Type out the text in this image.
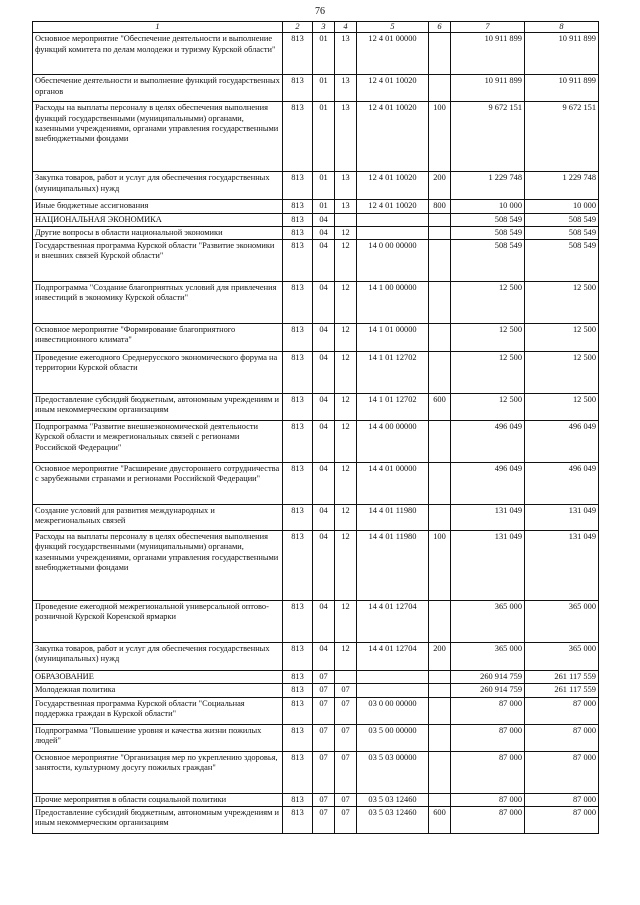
76
1	2	3	4	5	6	7	8
Основное мероприятие "Обеспечение деятельности и выполнение функций комитета по делам молодежи и туризму Курской области"	813	01	13	12 4 01 00000		10 911 899	10 911 899
Обеспечение деятельности и выполнение функций государственных органов	813	01	13	12 4 01 10020		10 911 899	10 911 899
Расходы на выплаты персоналу в целях обеспечения выполнения функций государственными (муниципальными) органами, казенными учреждениями, органами управления государственными внебюджетными фондами	813	01	13	12 4 01 10020	100	9 672 151	9 672 151
Закупка товаров, работ и услуг для обеспечения государственных (муниципальных) нужд	813	01	13	12 4 01 10020	200	1 229 748	1 229 748
Иные бюджетные ассигнования	813	01	13	12 4 01 10020	800	10 000	10 000
НАЦИОНАЛЬНАЯ ЭКОНОМИКА	813	04				508 549	508 549
Другие вопросы в области национальной экономики	813	04	12			508 549	508 549
Государственная программа Курской области "Развитие экономики и внешних связей Курской области"	813	04	12	14 0 00 00000		508 549	508 549
Подпрограмма "Создание благоприятных условий для привлечения инвестиций в экономику Курской области"	813	04	12	14 1 00 00000		12 500	12 500
Основное мероприятие "Формирование благоприятного инвестиционного климата"	813	04	12	14 1 01 00000		12 500	12 500
Проведение ежегодного Среднерусского экономического форума на территории Курской области	813	04	12	14 1 01 12702		12 500	12 500
Предоставление субсидий бюджетным, автономным учреждениям и иным некоммерческим организациям	813	04	12	14 1 01 12702	600	12 500	12 500
Подпрограмма "Развитие внешнеэкономической деятельности Курской области и межрегиональных связей с регионами Российской Федерации"	813	04	12	14 4 00 00000		496 049	496 049
Основное мероприятие "Расширение двустороннего сотрудничества с зарубежными странами и регионами Российской Федерации"	813	04	12	14 4 01 00000		496 049	496 049
Создание условий для развития международных и межрегиональных связей	813	04	12	14 4 01 11980		131 049	131 049
Расходы на выплаты персоналу в целях обеспечения выполнения функций государственными (муниципальными) органами, казенными учреждениями, органами управления государственными внебюджетными фондами	813	04	12	14 4 01 11980	100	131 049	131 049
Проведение ежегодной межрегиональной универсальной оптово-розничной Курской Коренской ярмарки	813	04	12	14 4 01 12704		365 000	365 000
Закупка товаров, работ и услуг для обеспечения государственных (муниципальных) нужд	813	04	12	14 4 01 12704	200	365 000	365 000
ОБРАЗОВАНИЕ	813	07				260 914 759	261 117 559
Молодежная политика	813	07	07			260 914 759	261 117 559
Государственная программа Курской области "Социальная поддержка граждан в Курской области"	813	07	07	03 0 00 00000		87 000	87 000
Подпрограмма "Повышение уровня и качества жизни пожилых людей"	813	07	07	03 5 00 00000		87 000	87 000
Основное мероприятие "Организация мер по укреплению здоровья, занятости, культурному досугу пожилых граждан"	813	07	07	03 5 03 00000		87 000	87 000
Прочие мероприятия в области социальной политики	813	07	07	03 5 03 12460		87 000	87 000
Предоставление субсидий бюджетным, автономным учреждениям и иным некоммерческим организациям	813	07	07	03 5 03 12460	600	87 000	87 000
